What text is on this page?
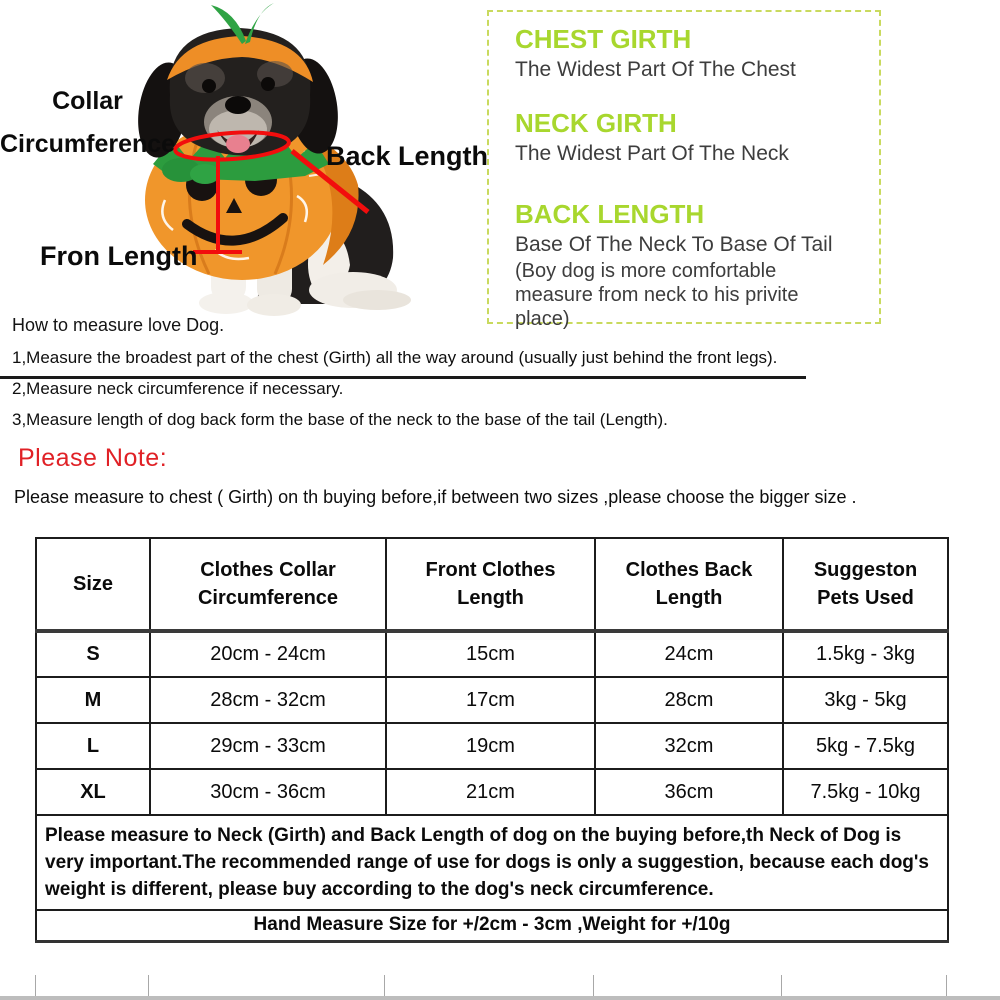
Collar
Circumference	Back Length
Fron Length
CHEST GIRTH
The Widest Part Of The Chest
NECK GIRTH
The Widest Part Of The Neck
BACK LENGTH
Base Of The Neck To Base Of Tail
(Boy dog is more comfortable measure from neck to his privite place)
How to measure love Dog.
1,Measure the broadest part of the chest (Girth) all the way around (usually just behind the front legs).
2,Measure neck circumference if necessary.
3,Measure length of dog back form the base of the neck to the base of the tail (Length).
Please Note:
Please measure to chest ( Girth) on th buying before,if between two sizes ,please choose the bigger size .
Size	Clothes Collar Circumference	Front Clothes Length	Clothes Back Length	Suggeston Pets Used
S	20cm - 24cm	15cm	24cm	1.5kg - 3kg
M	28cm - 32cm	17cm	28cm	3kg - 5kg
L	29cm - 33cm	19cm	32cm	5kg - 7.5kg
XL	30cm - 36cm	21cm	36cm	7.5kg - 10kg
Please measure to Neck (Girth) and Back Length of dog on the buying before,th Neck of Dog is very important.The recommended range of use for dogs is only a suggestion, because each dog's weight is different, please buy according to the dog's neck circumference.				
Hand Measure Size for +/2cm - 3cm ,Weight for +/10g				
